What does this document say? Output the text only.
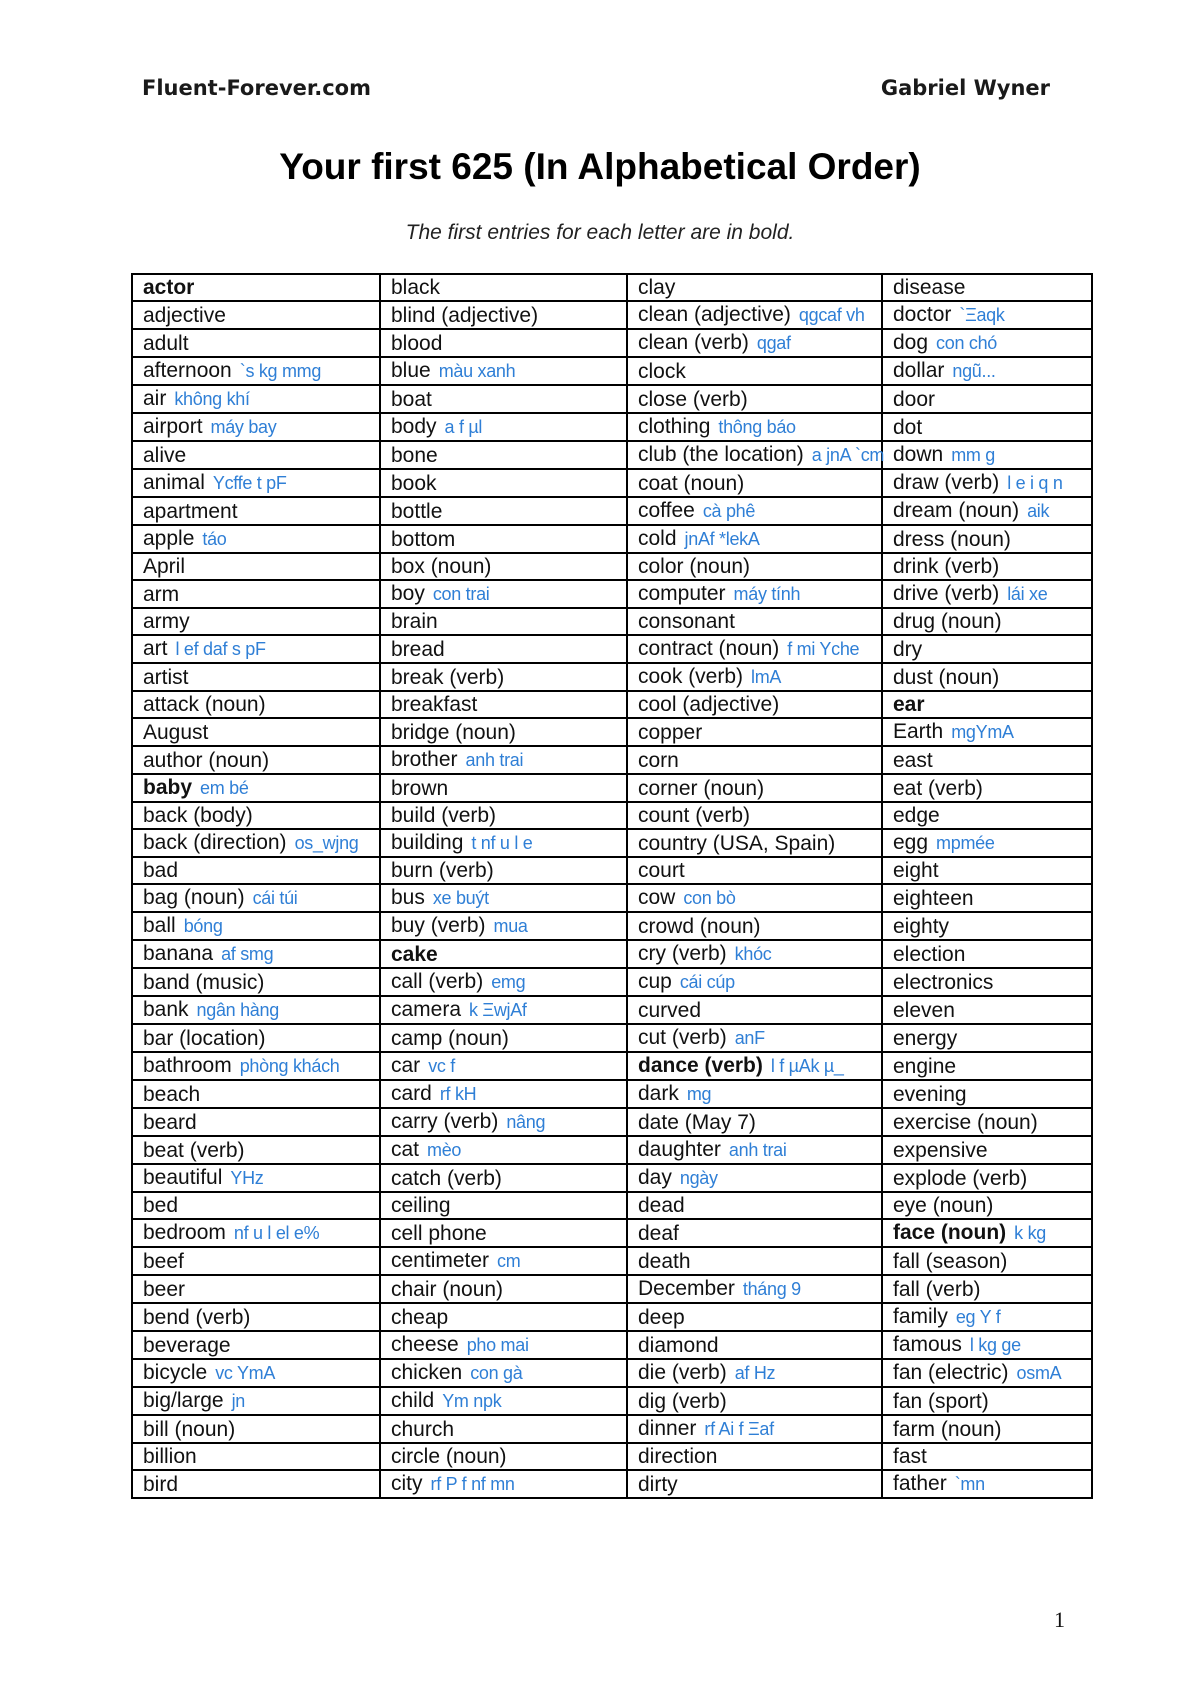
Fluent-Forever.com	Gabriel Wyner
Your first 625 (In Alphabetical Order)

The first entries for each letter are in bold.

actor	black	clay	disease
adjective	blind (adjective)	clean (adjective) qgcaf vh	doctor `Ξaqk
adult	blood	clean (verb) qgaf	dog con chó
afternoon `s kg mmg	blue màu xanh	clock	dollar ngũ...
air không khí	boat	close (verb)	door
airport máy bay	body a f µl	clothing thông báo	dot
alive	bone	club (the location) a jnA `cm	down mm g
animal Ycffe t pF	book	coat (noun)	draw (verb) l e i q n
apartment	bottle	coffee cà phê	dream (noun) aik
apple táo	bottom	cold jnAf *lekA	dress (noun)
April	box (noun)	color (noun)	drink (verb)
arm	boy con trai	computer máy tính	drive (verb) lái xe
army	brain	consonant	drug (noun)
art l ef daf s pF	bread	contract (noun) f mi Yche	dry
artist	break (verb)	cook (verb) lmA	dust (noun)
attack (noun)	breakfast	cool (adjective)	ear
August	bridge (noun)	copper	Earth mgYmA
author (noun)	brother anh trai	corn	east
baby em bé	brown	corner (noun)	eat (verb)
back (body)	build (verb)	count (verb)	edge
back (direction) os_wjng	building t nf u l e	country (USA, Spain)	egg mpmée
bad	burn (verb)	court	eight
bag (noun) cái túi	bus xe buýt	cow con bò	eighteen
ball bóng	buy (verb) mua	crowd (noun)	eighty
banana af smg	cake	cry (verb) khóc	election
band (music)	call (verb) emg	cup cái cúp	electronics
bank ngân hàng	camera k ΞwjAf	curved	eleven
bar (location)	camp (noun)	cut (verb) anF	energy
bathroom phòng khách	car vc f	dance (verb) l f µAk µ_	engine
beach	card rf kH	dark mg	evening
beard	carry (verb) nâng	date (May 7)	exercise (noun)
beat (verb)	cat mèo	daughter anh trai	expensive
beautiful YHz	catch (verb)	day ngày	explode (verb)
bed	ceiling	dead	eye (noun)
bedroom nf u l el e%	cell phone	deaf	face (noun) k kg
beef	centimeter cm	death	fall (season)
beer	chair (noun)	December tháng 9	fall (verb)
bend (verb)	cheap	deep	family eg Y f
beverage	cheese pho mai	diamond	famous l kg ge
bicycle vc YmA	chicken con gà	die (verb) af Hz	fan (electric) osmA
big/large jn	child Ym npk	dig (verb)	fan (sport)
bill (noun)	church	dinner rf Ai f Ξaf	farm (noun)
billion	circle (noun)	direction	fast
bird	city rf P f nf mn	dirty	father `mn
1
